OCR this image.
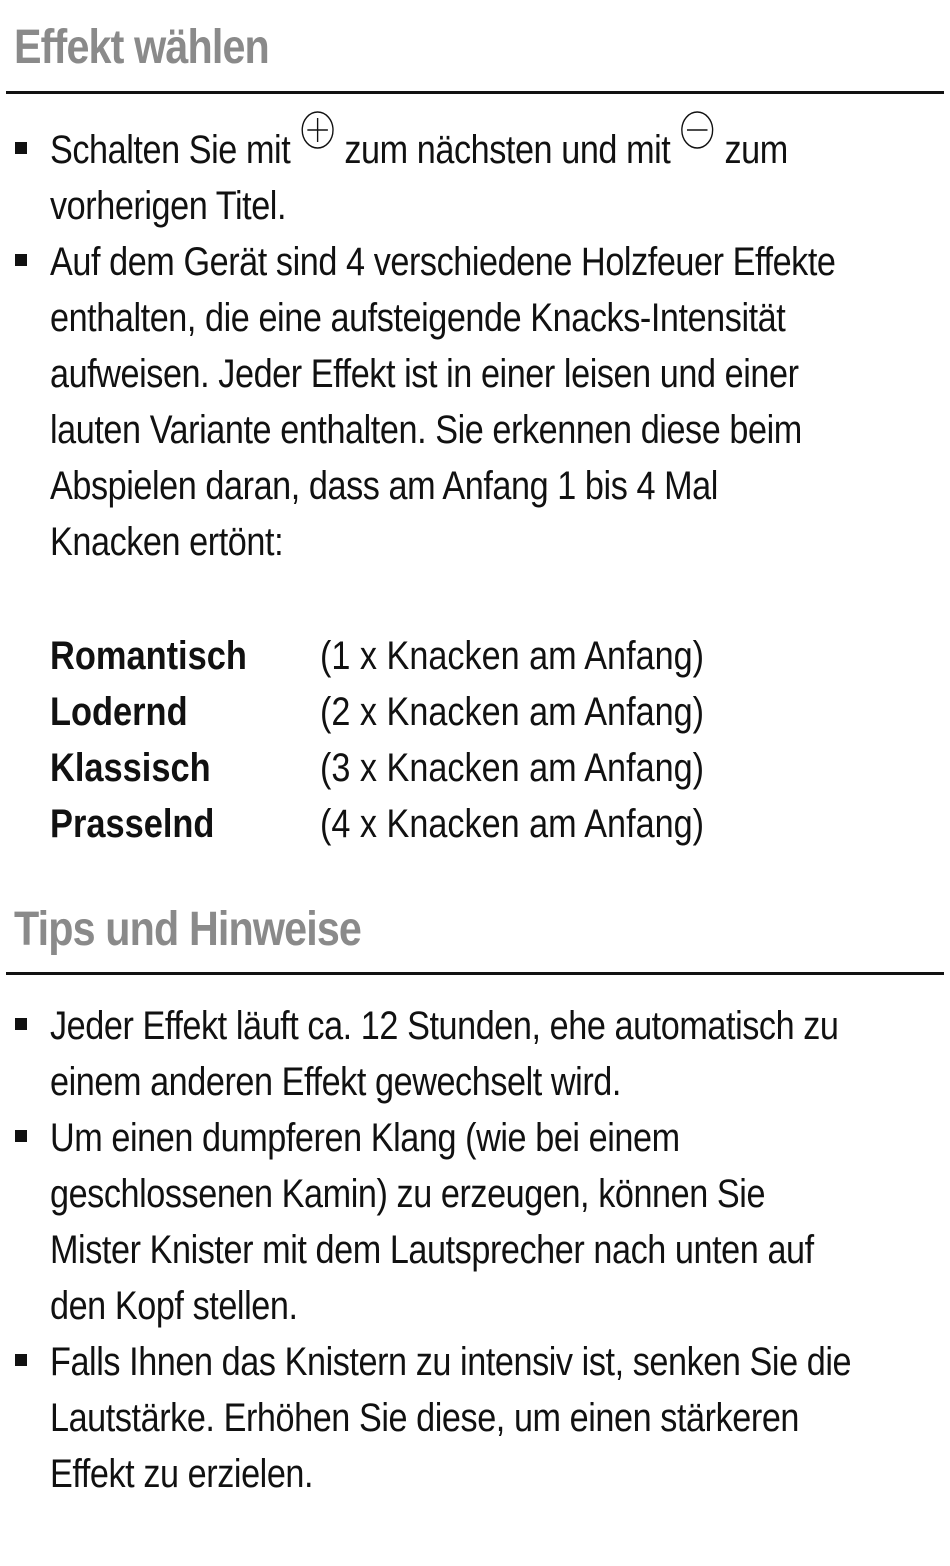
Effekt wählen
Schalten Sie mit zum nächsten und mit zum
vorherigen Titel.
Auf dem Gerät sind 4 verschiedene Holzfeuer Effekte
enthalten, die eine aufsteigende Knacks-Intensität
aufweisen. Jeder Effekt ist in einer leisen und einer
lauten Variante enthalten. Sie erkennen diese beim
Abspielen daran, dass am Anfang 1 bis 4 Mal
Knacken ertönt:
Romantisch (1 x Knacken am Anfang)
Lodernd	(2 x Knacken am Anfang)
Klassisch	(3 x Knacken am Anfang)
Prasselnd	(4 x Knacken am Anfang)
Tips und Hinweise
Jeder Effekt läuft ca. 12 Stunden, ehe automatisch zu
einem anderen Effekt gewechselt wird.
Um einen dumpferen Klang (wie bei einem
geschlossenen Kamin) zu erzeugen, können Sie
Mister Knister mit dem Lautsprecher nach unten auf
den Kopf stellen.
Falls Ihnen das Knistern zu intensiv ist, senken Sie die
Lautstärke. Erhöhen Sie diese, um einen stärkeren
Effekt zu erzielen.
